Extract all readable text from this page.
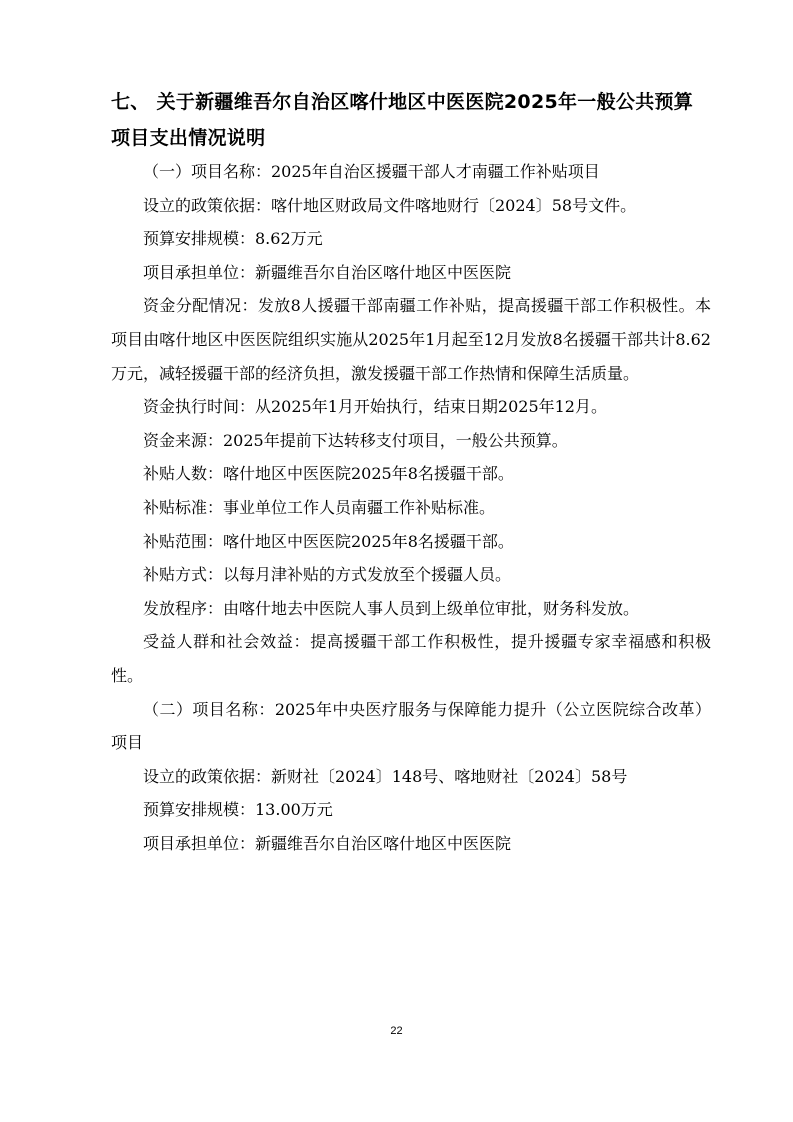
七、 关于新疆维吾尔自治区喀什地区中医医院2025年一般公共预算项目支出情况说明

（一）项目名称：2025年自治区援疆干部人才南疆工作补贴项目

设立的政策依据：喀什地区财政局文件喀地财行〔2024〕58号文件。

预算安排规模：8.62万元

项目承担单位：新疆维吾尔自治区喀什地区中医医院

资金分配情况：发放8人援疆干部南疆工作补贴，提高援疆干部工作积极性。本项目由喀什地区中医医院组织实施从2025年1月起至12月发放8名援疆干部共计8.62万元，减轻援疆干部的经济负担，激发援疆干部工作热情和保障生活质量。

资金执行时间：从2025年1月开始执行，结束日期2025年12月。

资金来源：2025年提前下达转移支付项目，一般公共预算。

补贴人数：喀什地区中医医院2025年8名援疆干部。

补贴标准：事业单位工作人员南疆工作补贴标准。

补贴范围：喀什地区中医医院2025年8名援疆干部。

补贴方式：以每月津补贴的方式发放至个援疆人员。

发放程序：由喀什地去中医院人事人员到上级单位审批，财务科发放。

受益人群和社会效益：提高援疆干部工作积极性，提升援疆专家幸福感和积极性。

（二）项目名称：2025年中央医疗服务与保障能力提升（公立医院综合改革）项目

设立的政策依据：新财社〔2024〕148号、喀地财社〔2024〕58号

预算安排规模：13.00万元

项目承担单位：新疆维吾尔自治区喀什地区中医医院

22
